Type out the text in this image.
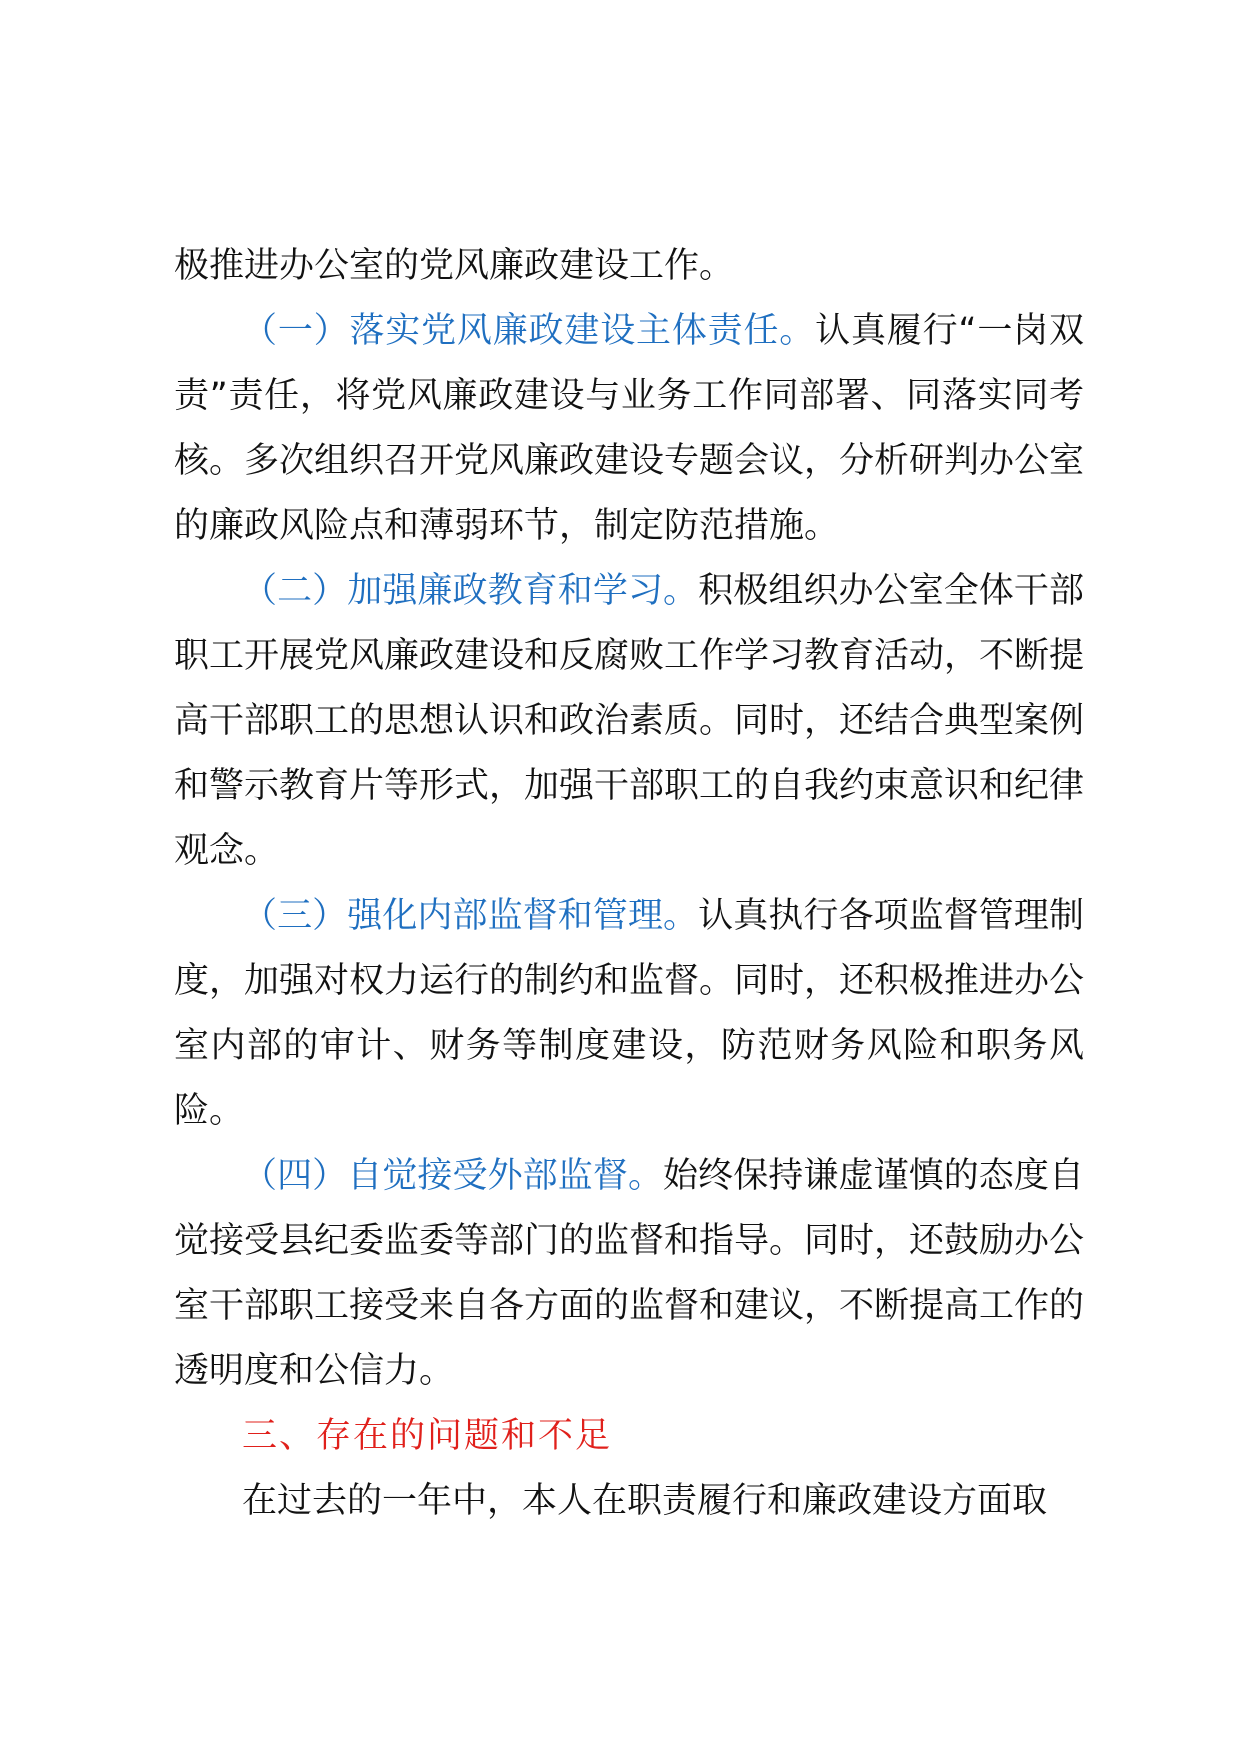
极推进办公室的党风廉政建设工作。

（一）落实党风廉政建设主体责任。认真履行“一岗双责”责任，将党风廉政建设与业务工作同部署、同落实同考核。多次组织召开党风廉政建设专题会议，分析研判办公室的廉政风险点和薄弱环节，制定防范措施。

（二）加强廉政教育和学习。积极组织办公室全体干部职工开展党风廉政建设和反腐败工作学习教育活动，不断提高干部职工的思想认识和政治素质。同时，还结合典型案例和警示教育片等形式，加强干部职工的自我约束意识和纪律观念。

（三）强化内部监督和管理。认真执行各项监督管理制度，加强对权力运行的制约和监督。同时，还积极推进办公室内部的审计、财务等制度建设，防范财务风险和职务风险。

（四）自觉接受外部监督。始终保持谦虚谨慎的态度自觉接受县纪委监委等部门的监督和指导。同时，还鼓励办公室干部职工接受来自各方面的监督和建议，不断提高工作的透明度和公信力。

三、存在的问题和不足

在过去的一年中，本人在职责履行和廉政建设方面取
